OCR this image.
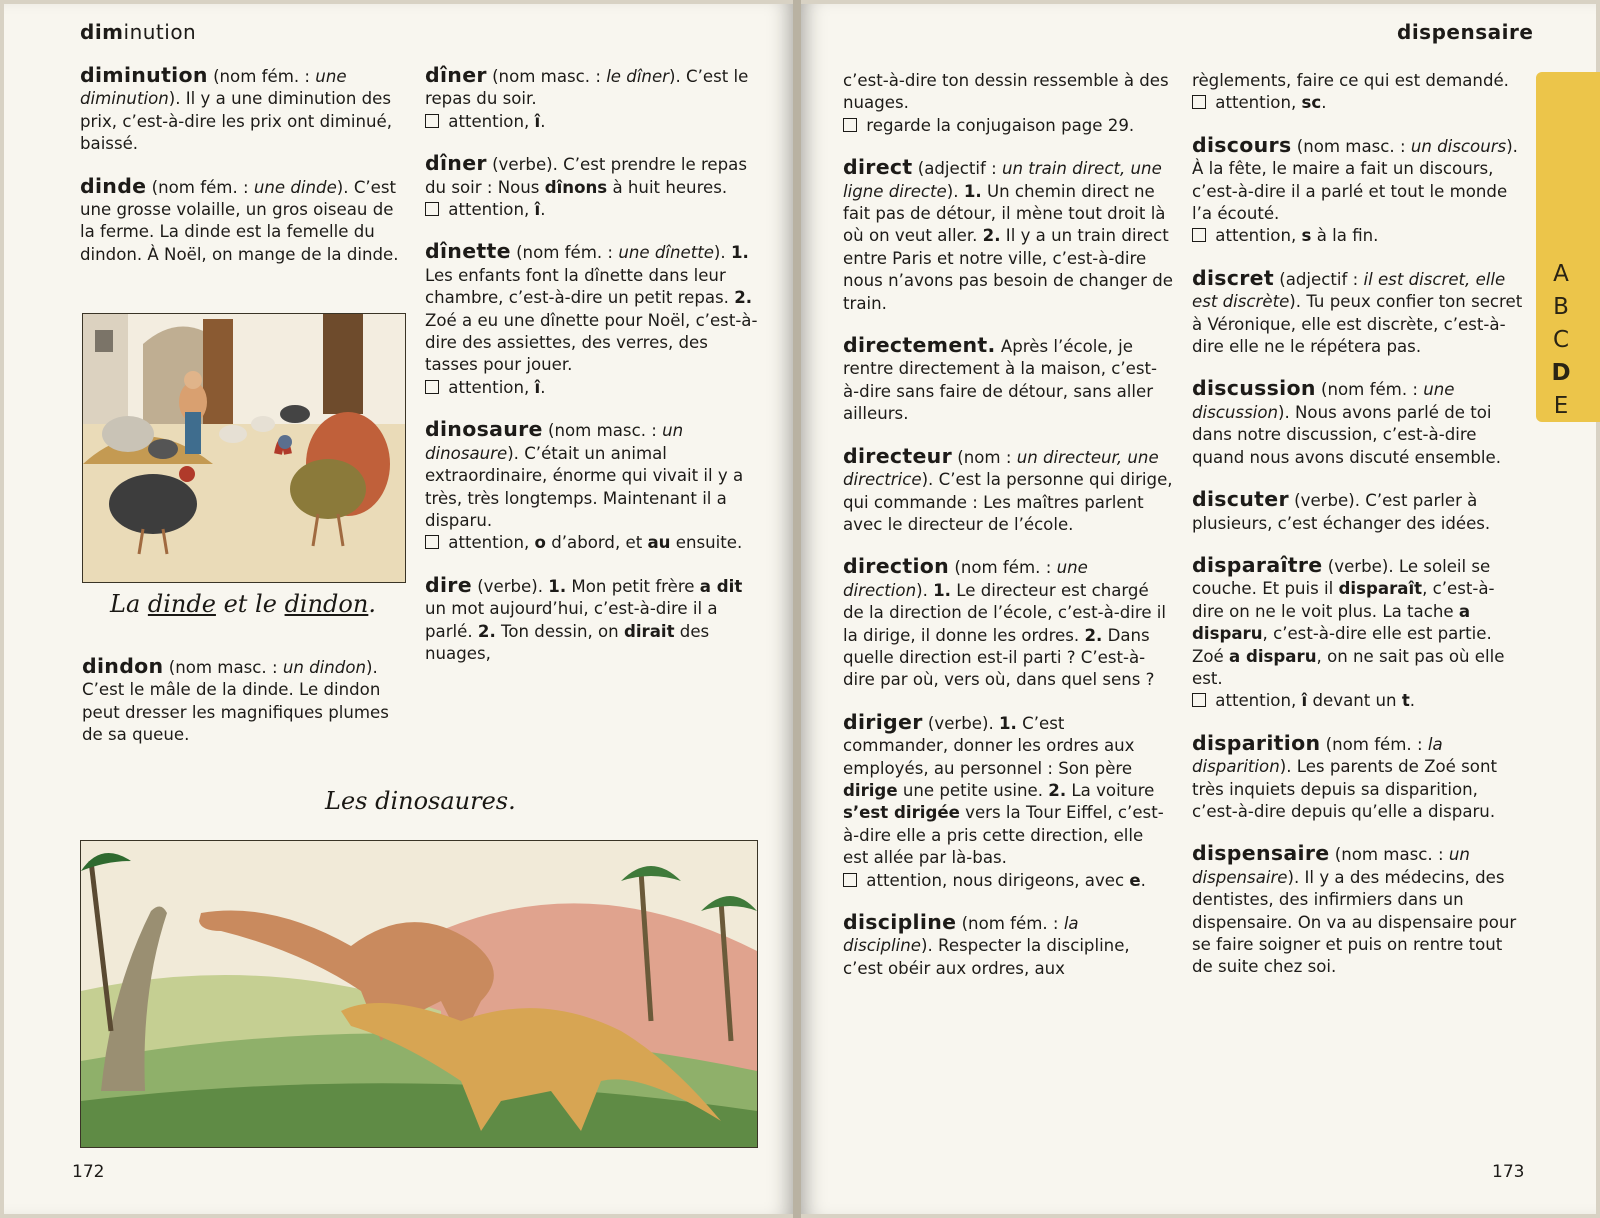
diminution

diminution (nom fém. : une diminution). Il y a une diminution des prix, c’est-à-dire les prix ont diminué, baissé.

dinde (nom fém. : une dinde). C’est une grosse volaille, un gros oiseau de la ferme. La dinde est la femelle du dindon. À Noël, on mange de la dinde.

La dinde et le dindon.

dindon (nom masc. : un dindon). C’est le mâle de la dinde. Le dindon peut dresser les magnifiques plumes de sa queue.

dîner (nom masc. : le dîner). C’est le repas du soir.
attention, î.

dîner (verbe). C’est prendre le repas du soir : Nous dînons à huit heures.
attention, î.

dînette (nom fém. : une dînette). 1. Les enfants font la dînette dans leur chambre, c’est-à-dire un petit repas. 2. Zoé a eu une dînette pour Noël, c’est-à-dire des assiettes, des verres, des tasses pour jouer.
attention, î.

dinosaure (nom masc. : un dinosaure). C’était un animal extraordinaire, énorme qui vivait il y a très, très longtemps. Maintenant il a disparu.
attention, o d’abord, et au ensuite.

dire (verbe). 1. Mon petit frère a dit un mot aujourd’hui, c’est-à-dire il a parlé. 2. Ton dessin, on dirait des nuages,

Les dinosaures.
172
dispensaire

c’est-à-dire ton dessin ressemble à des nuages.
regarde la conjugaison page 29.

direct (adjectif : un train direct, une ligne directe). 1. Un chemin direct ne fait pas de détour, il mène tout droit là où on veut aller. 2. Il y a un train direct entre Paris et notre ville, c’est-à-dire nous n’avons pas besoin de changer de train.

directement. Après l’école, je rentre directement à la maison, c’est-à-dire sans faire de détour, sans aller ailleurs.

directeur (nom : un directeur, une directrice). C’est la personne qui dirige, qui commande : Les maîtres parlent avec le directeur de l’école.

direction (nom fém. : une direction). 1. Le directeur est chargé de la direction de l’école, c’est-à-dire il la dirige, il donne les ordres. 2. Dans quelle direction est-il parti ? C’est-à-dire par où, vers où, dans quel sens ?

diriger (verbe). 1. C’est commander, donner les ordres aux employés, au personnel : Son père dirige une petite usine. 2. La voiture s’est dirigée vers la Tour Eiffel, c’est-à-dire elle a pris cette direction, elle est allée par là-bas.
attention, nous dirigeons, avec e.

discipline (nom fém. : la discipline). Respecter la discipline, c’est obéir aux ordres, aux

règlements, faire ce qui est demandé.
attention, sc.

discours (nom masc. : un discours). À la fête, le maire a fait un discours, c’est-à-dire il a parlé et tout le monde l’a écouté.
attention, s à la fin.

discret (adjectif : il est discret, elle est discrète). Tu peux confier ton secret à Véronique, elle est discrète, c’est-à-dire elle ne le répétera pas.

discussion (nom fém. : une discussion). Nous avons parlé de toi dans notre discussion, c’est-à-dire quand nous avons discuté ensemble.

discuter (verbe). C’est parler à plusieurs, c’est échanger des idées.

disparaître (verbe). Le soleil se couche. Et puis il disparaît, c’est-à-dire on ne le voit plus. La tache a disparu, c’est-à-dire elle est partie. Zoé a disparu, on ne sait pas où elle est.
attention, î devant un t.

disparition (nom fém. : la disparition). Les parents de Zoé sont très inquiets depuis sa disparition, c’est-à-dire depuis qu’elle a disparu.

dispensaire (nom masc. : un dispensaire). Il y a des médecins, des dentistes, des infirmiers dans un dispensaire. On va au dispensaire pour se faire soigner et puis on rentre tout de suite chez soi.

A
B
C
D
E
173
